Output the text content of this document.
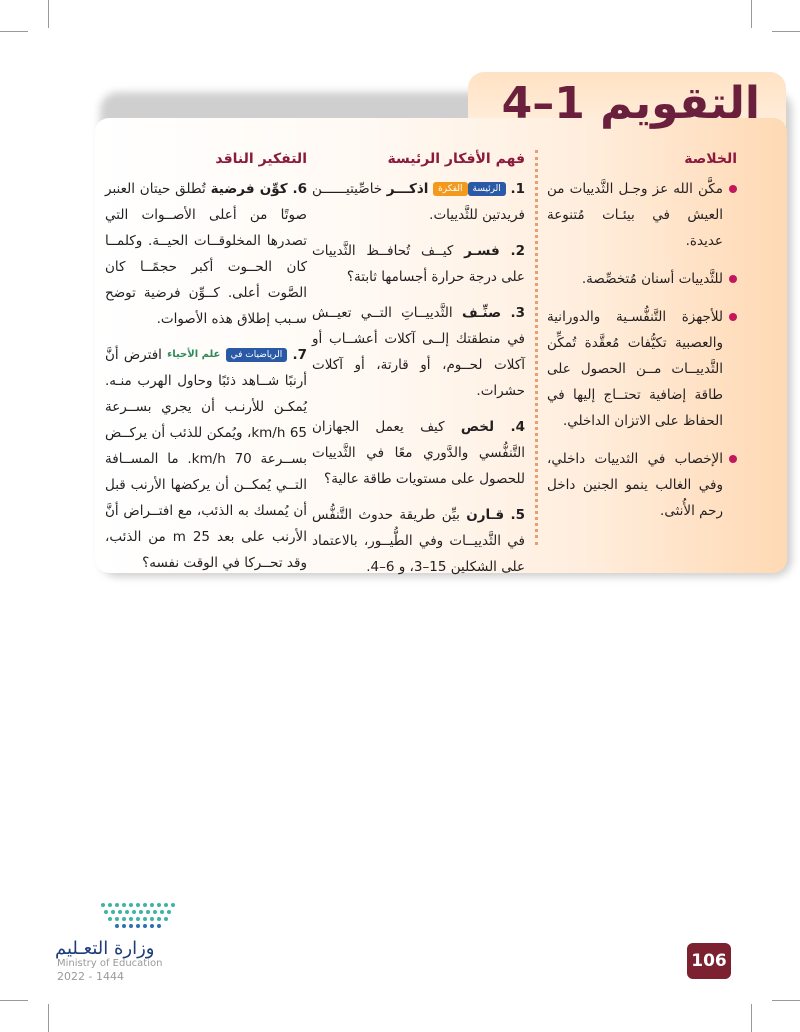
التقويم 1–4
الخلاصة
مكَّن الله عز وجـل الثَّدييات من العيش في بيئـات مُتنوعة عديدة.
للثَّدييات أسنان مُتخصِّصة.
للأجهزة التَّنفُّسـية والدورانية والعصبية تكيُّفات مُعقَّدة تُمكِّن الثَّدييــات مــن الحصول على طاقة إضافية تحتــاج إليها في الحفاظ على الاتزان الداخلي.
الإخصاب في الثدييات داخلي، وفي الغالب ينمو الجنين داخل رحم الأُنثى.
فهم الأفكار الرئيسة
1. الرئيسةالفكرة اذكـــر خاصِّيتيــــــن فريدتين للثَّدييات.
2. فسـر كيــف تُحافــظ الثَّدييات على درجة حرارة أجسامها ثابتة؟
3. صنِّـف الثَّدييــاتِ التــي تعيــش في منطقتك إلــى آكلات أعشــاب أو آكلات لحــوم، أو قارتة، أو آكلات حشرات.
4. لخص كيف يعمل الجهازان التَّنفُّسي والدَّوري معًا في الثَّدييات للحصول على مستويات طاقة عالية؟
5. قـارن بيِّن طريقة حدوث التَّنفُّس في الثَّدييــات وفي الطُّيــور، بالاعتماد على الشكلين 15–3، و 6–4.
التفكير الناقد
6. كوِّن فرضية تُطلق حيتان العنبر صوتًا من أعلى الأصــوات التي تصدرها المخلوقــات الحيــة. وكلمــا كان الحــوت أكبر حجمًــا كان الصَّوت أعلى. كــوِّن فرضية توضح سـبب إطلاق هذه الأصوات.
7. الرياضيات في علم الأحياء افترض أنَّ أرنبًا شــاهد ذئبًا وحاول الهرب منـه. يُمكـن للأرنـب أن يجري بســرعة 65 km/h، ويُمكن للذئب أن يركــض بســرعة 70 km/h. ما المســافة التــي يُمكــن أن يركضها الأرنب قبل أن يُمسك به الذئب، مع افتــراض أنَّ الأرنب على بعد 25 m من الذئب، وقد تحــركا في الوقت نفسه؟
106
وزارة التعـليم
Ministry of Education
2022 - 1444
